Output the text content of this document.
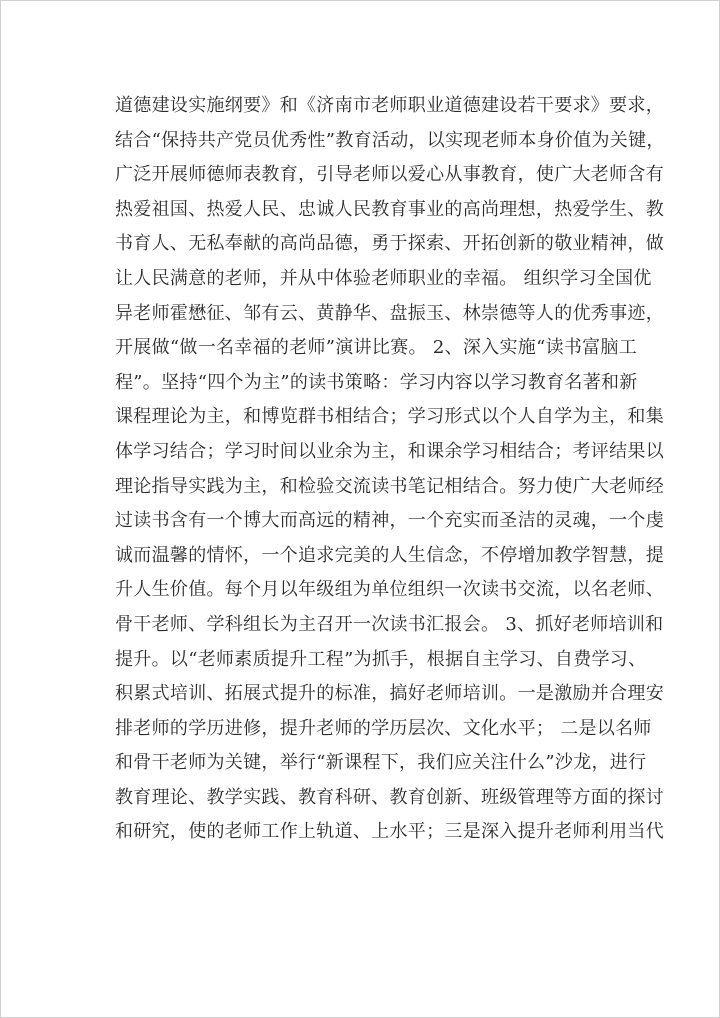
道德建设实施纲要》和《济南市老师职业道德建设若干要求》要求，
结合“保持共产党员优秀性”教育活动，以实现老师本身价值为关键，
广泛开展师德师表教育，引导老师以爱心从事教育，使广大老师含有
热爱祖国、热爱人民、忠诚人民教育事业的高尚理想，热爱学生、教
书育人、无私奉献的高尚品德，勇于探索、开拓创新的敬业精神，做
让人民满意的老师，并从中体验老师职业的幸福。 组织学习全国优
异老师霍懋征、邹有云、黄静华、盘振玉、林崇德等人的优秀事迹，
开展做“做一名幸福的老师”演讲比赛。 2、深入实施“读书富脑工
程”。坚持“四个为主”的读书策略：学习内容以学习教育名著和新
课程理论为主，和博览群书相结合；学习形式以个人自学为主，和集
体学习结合；学习时间以业余为主，和课余学习相结合；考评结果以
理论指导实践为主，和检验交流读书笔记相结合。努力使广大老师经
过读书含有一个博大而高远的精神，一个充实而圣洁的灵魂，一个虔
诚而温馨的情怀，一个追求完美的人生信念，不停增加教学智慧，提
升人生价值。每个月以年级组为单位组织一次读书交流，以名老师、
骨干老师、学科组长为主召开一次读书汇报会。 3、抓好老师培训和
提升。以“老师素质提升工程”为抓手，根据自主学习、自费学习、
积累式培训、拓展式提升的标准，搞好老师培训。一是激励并合理安
排老师的学历进修，提升老师的学历层次、文化水平； 二是以名师
和骨干老师为关键，举行“新课程下，我们应关注什么”沙龙，进行
教育理论、教学实践、教育科研、教育创新、班级管理等方面的探讨
和研究，使的老师工作上轨道、上水平；三是深入提升老师利用当代
